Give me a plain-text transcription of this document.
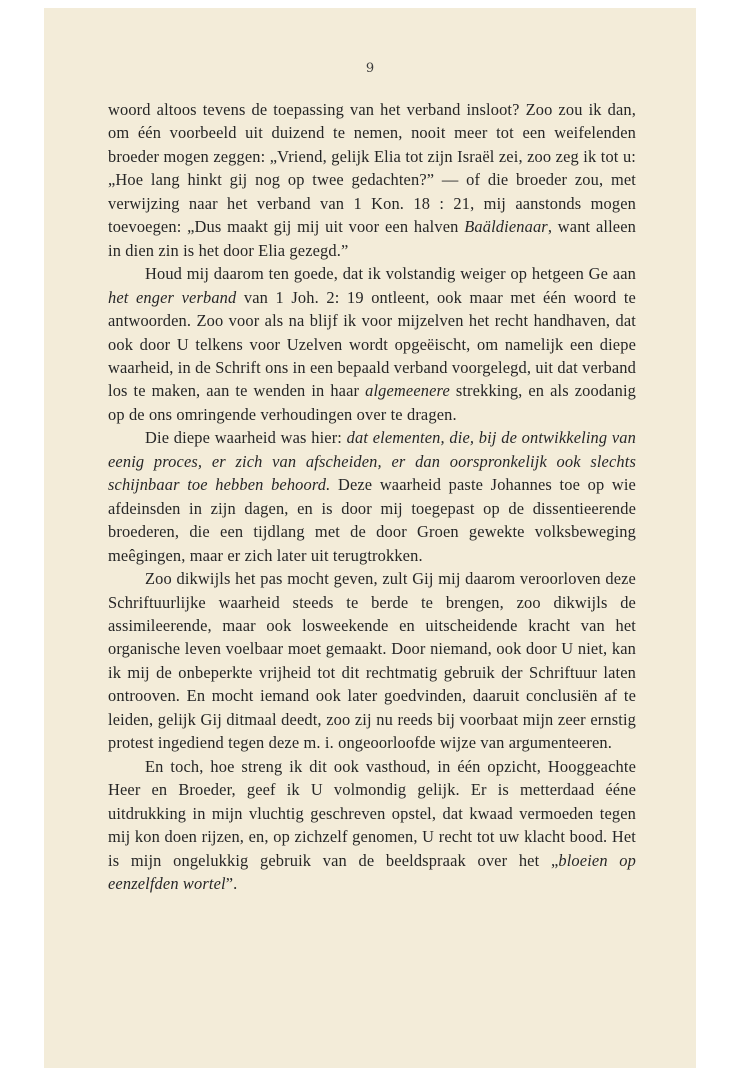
9

woord altoos tevens de toepassing van het verband insloot? Zoo zou ik dan, om één voorbeeld uit duizend te nemen, nooit meer tot een weifelenden broeder mogen zeggen: „Vriend, gelijk Elia tot zijn Israël zei, zoo zeg ik tot u: „Hoe lang hinkt gij nog op twee gedachten?” — of die broeder zou, met verwijzing naar het verband van 1 Kon. 18 : 21, mij aanstonds mogen toevoegen: „Dus maakt gij mij uit voor een halven Baäldienaar, want alleen in dien zin is het door Elia gezegd.”

Houd mij daarom ten goede, dat ik volstandig weiger op hetgeen Ge aan het enger verband van 1 Joh. 2: 19 ontleent, ook maar met één woord te antwoorden. Zoo voor als na blijf ik voor mijzelven het recht handhaven, dat ook door U telkens voor Uzelven wordt opgeëischt, om namelijk een diepe waarheid, in de Schrift ons in een bepaald verband voorgelegd, uit dat verband los te maken, aan te wenden in haar algemeenere strekking, en als zoodanig op de ons omringende verhoudingen over te dragen.

Die diepe waarheid was hier: dat elementen, die, bij de ontwikkeling van eenig proces, er zich van afscheiden, er dan oorspronkelijk ook slechts schijnbaar toe hebben behoord. Deze waarheid paste Johannes toe op wie afdeinsden in zijn dagen, en is door mij toegepast op de dissentieerende broederen, die een tijdlang met de door Groen gewekte volksbeweging meêgingen, maar er zich later uit terugtrokken.

Zoo dikwijls het pas mocht geven, zult Gij mij daarom veroorloven deze Schriftuurlijke waarheid steeds te berde te brengen, zoo dikwijls de assimileerende, maar ook losweekende en uitscheidende kracht van het organische leven voelbaar moet gemaakt. Door niemand, ook door U niet, kan ik mij de onbeperkte vrijheid tot dit rechtmatig gebruik der Schriftuur laten ontrooven. En mocht iemand ook later goedvinden, daaruit conclusiën af te leiden, gelijk Gij ditmaal deedt, zoo zij nu reeds bij voorbaat mijn zeer ernstig protest ingediend tegen deze m. i. ongeoorloofde wijze van argumenteeren.

En toch, hoe streng ik dit ook vasthoud, in één opzicht, Hooggeachte Heer en Broeder, geef ik U volmondig gelijk. Er is metterdaad ééne uitdrukking in mijn vluchtig geschreven opstel, dat kwaad vermoeden tegen mij kon doen rijzen, en, op zichzelf genomen, U recht tot uw klacht bood. Het is mijn ongelukkig gebruik van de beeldspraak over het „bloeien op eenzelfden wortel”.
